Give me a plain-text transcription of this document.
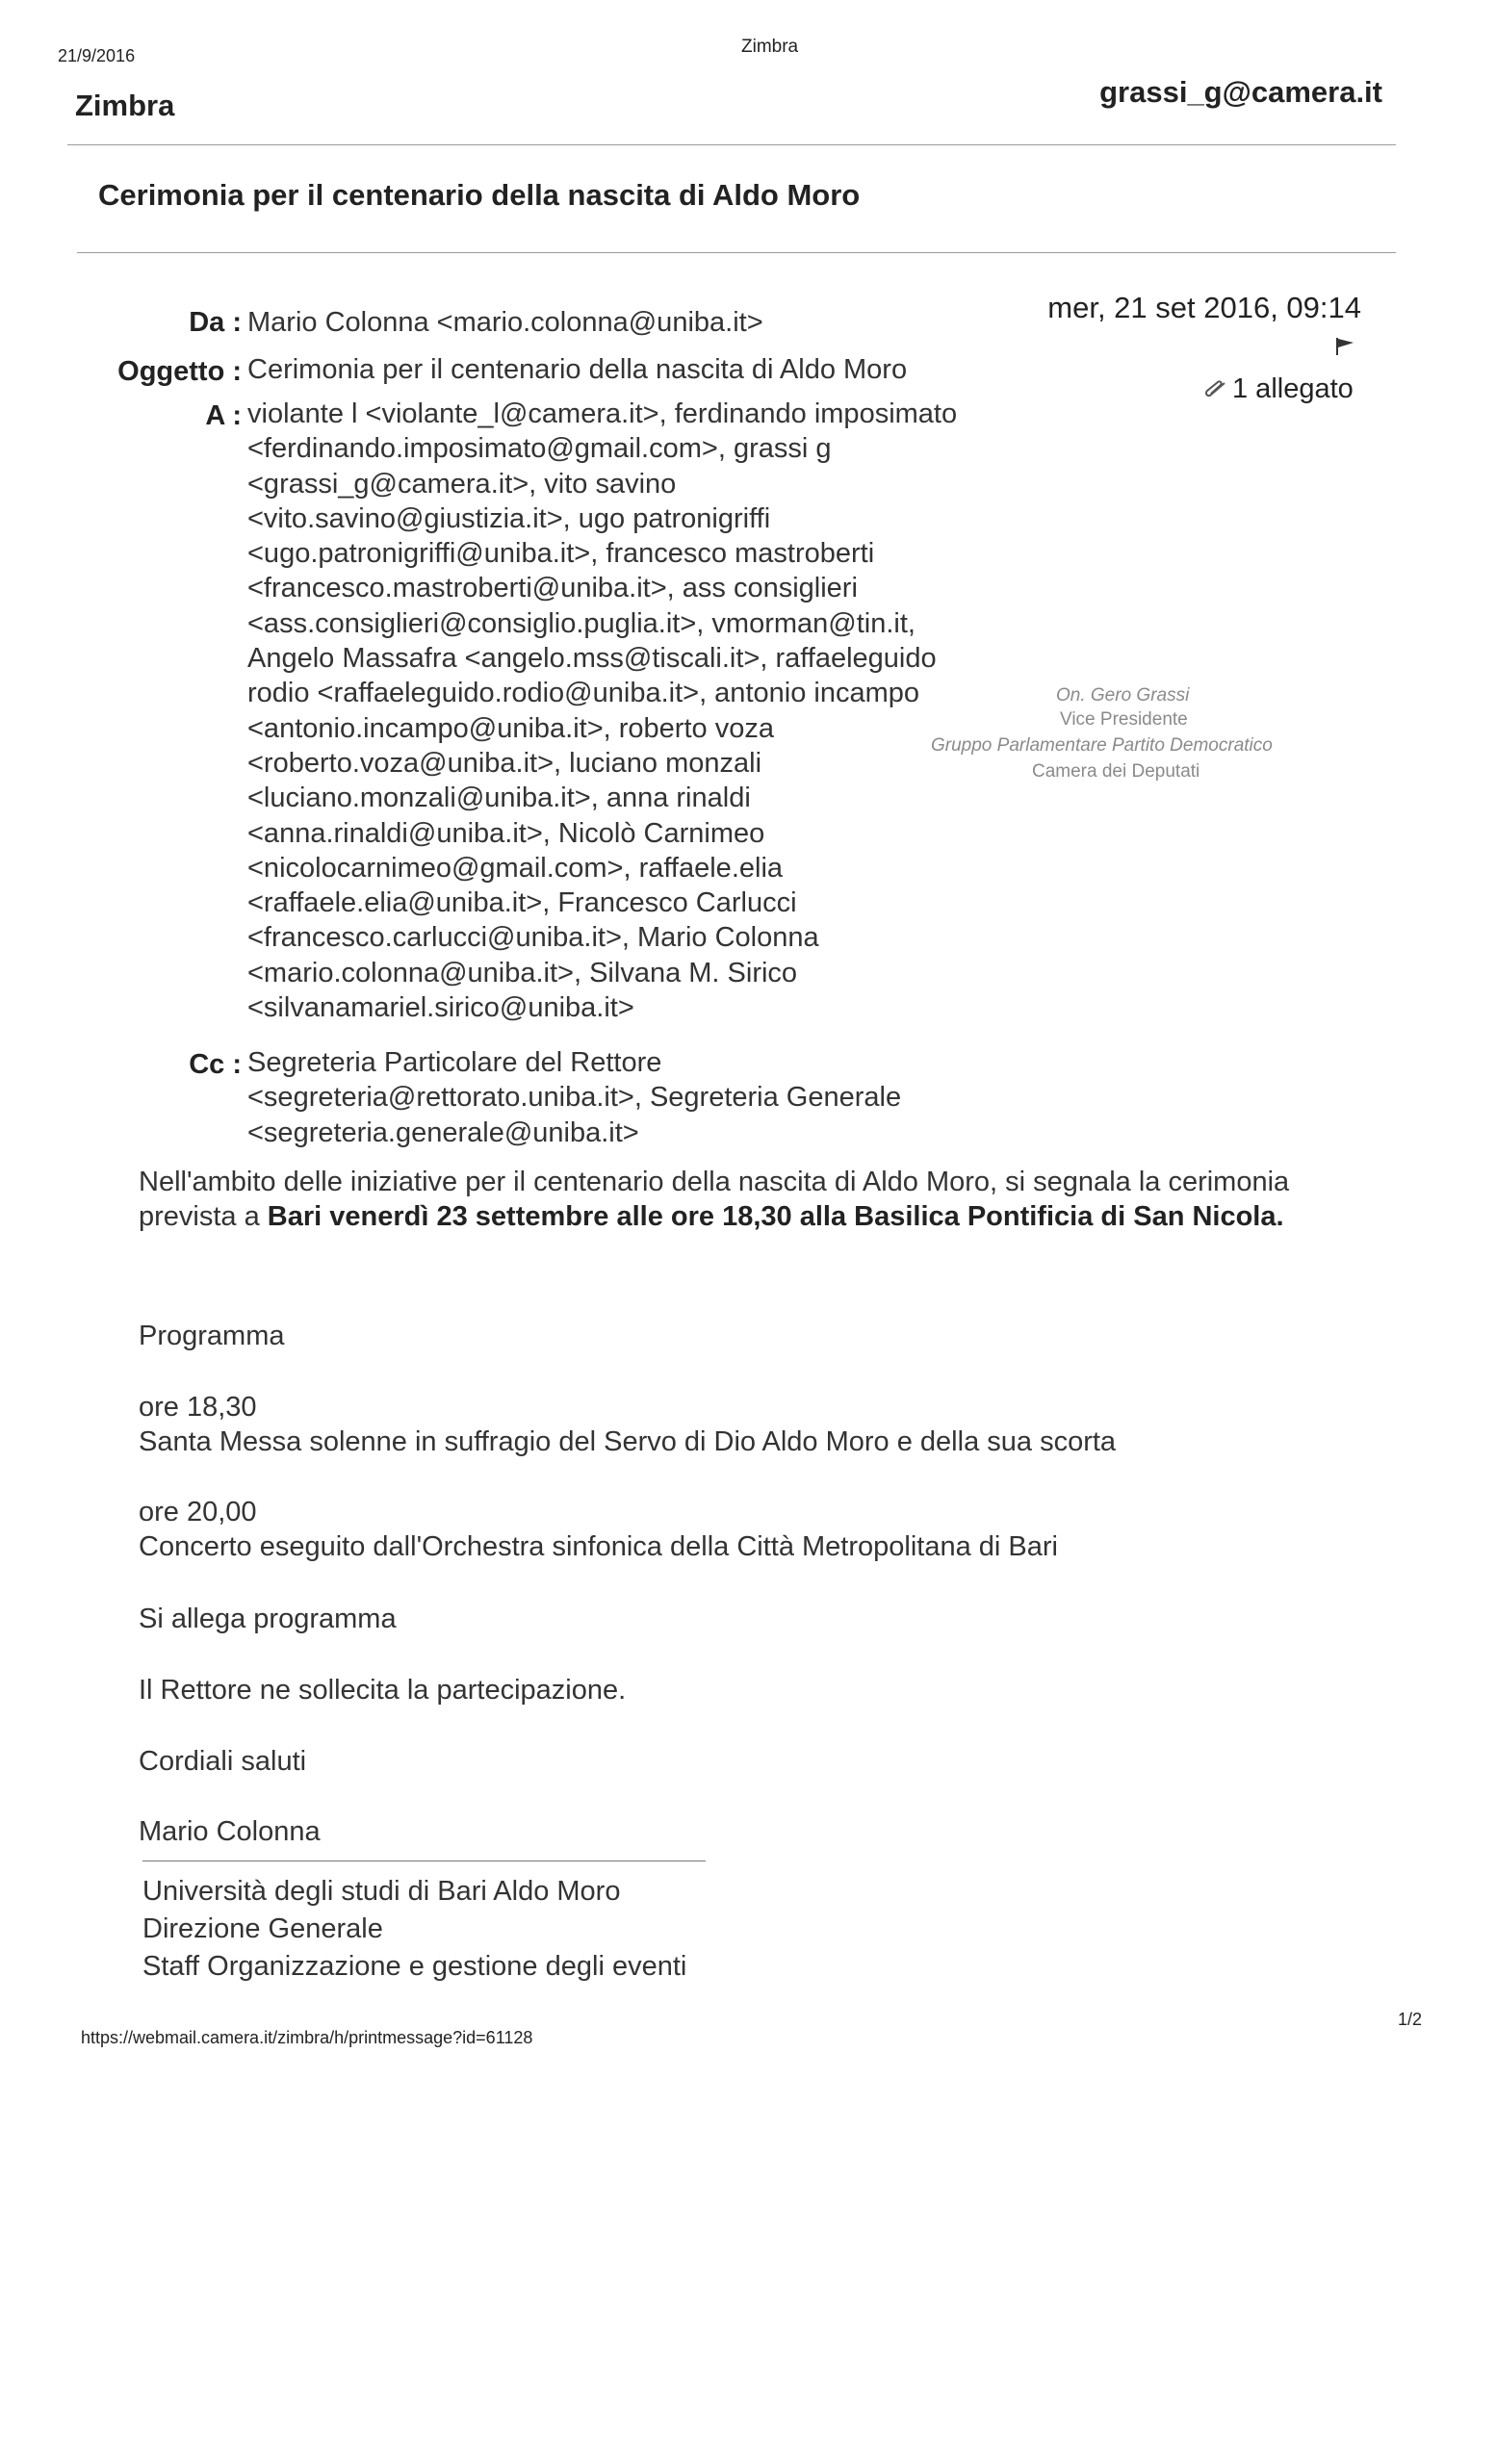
21/9/2016	Zimbra
Zimbra	grassi_g@camera.it
Cerimonia per il centenario della nascita di Aldo Moro
Da : Mario Colonna <mario.colonna@uniba.it>
Oggetto : Cerimonia per il centenario della nascita di Aldo Moro
mer, 21 set 2016, 09:14
1 allegato
A : violante l <violante_l@camera.it>, ferdinando imposimato
<ferdinando.imposimato@gmail.com>, grassi g
<grassi_g@camera.it>, vito savino
<vito.savino@giustizia.it>, ugo patronigriffi
<ugo.patronigriffi@uniba.it>, francesco mastroberti
<francesco.mastroberti@uniba.it>, ass consiglieri
<ass.consiglieri@consiglio.puglia.it>, vmorman@tin.it,
Angelo Massafra <angelo.mss@tiscali.it>, raffaeleguido
rodio <raffaeleguido.rodio@uniba.it>, antonio incampo
<antonio.incampo@uniba.it>, roberto voza
<roberto.voza@uniba.it>, luciano monzali
<luciano.monzali@uniba.it>, anna rinaldi
<anna.rinaldi@uniba.it>, Nicolò Carnimeo
<nicolocarnimeo@gmail.com>, raffaele.elia
<raffaele.elia@uniba.it>, Francesco Carlucci
<francesco.carlucci@uniba.it>, Mario Colonna
<mario.colonna@uniba.it>, Silvana M. Sirico
<silvanamariel.sirico@uniba.it>
Cc : Segreteria Particolare del Rettore
<segreteria@rettorato.uniba.it>, Segreteria Generale
<segreteria.generale@uniba.it>
On. Gero Grassi
Vice Presidente
Gruppo Parlamentare Partito Democratico
Camera dei Deputati
Nell'ambito delle iniziative per il centenario della nascita di Aldo Moro, si segnala la cerimonia prevista a Bari venerdì 23 settembre alle ore 18,30 alla Basilica Pontificia di San Nicola.
Programma
ore 18,30
Santa Messa solenne in suffragio del Servo di Dio Aldo Moro e della sua scorta
ore 20,00
Concerto eseguito dall'Orchestra sinfonica della Città Metropolitana di Bari
Si allega programma
Il Rettore ne sollecita la partecipazione.
Cordiali saluti
Mario Colonna
Università degli studi di Bari Aldo Moro
Direzione Generale
Staff Organizzazione e gestione degli eventi
https://webmail.camera.it/zimbra/h/printmessage?id=61128
1/2
